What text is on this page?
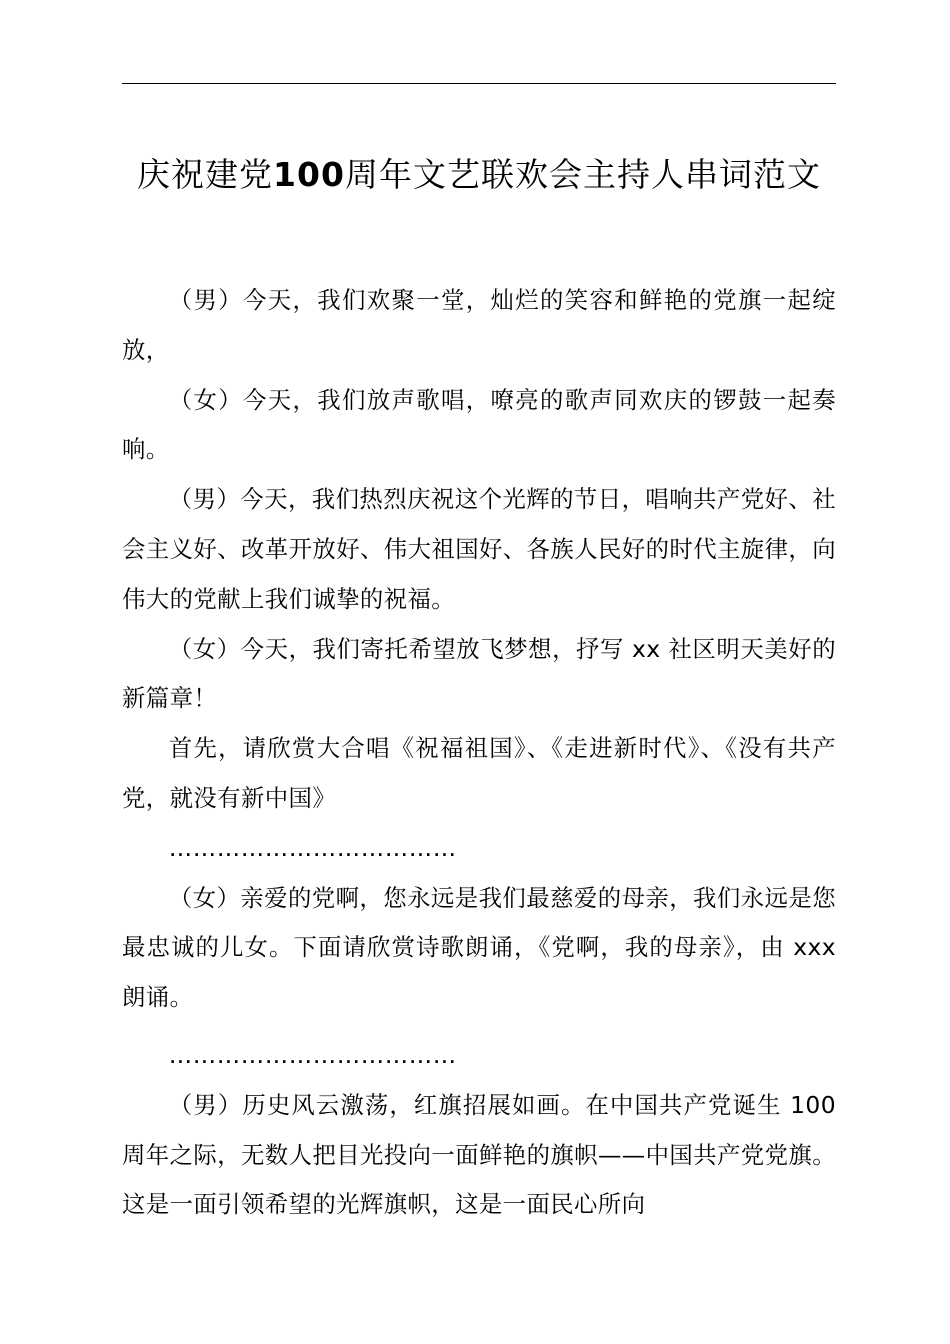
庆祝建党100周年文艺联欢会主持人串词范文

（男）今天，我们欢聚一堂，灿烂的笑容和鲜艳的党旗一起绽放，

（女）今天，我们放声歌唱，嘹亮的歌声同欢庆的锣鼓一起奏响。

（男）今天，我们热烈庆祝这个光辉的节日，唱响共产党好、社会主义好、改革开放好、伟大祖国好、各族人民好的时代主旋律，向伟大的党献上我们诚挚的祝福。

（女）今天，我们寄托希望放飞梦想，抒写 xx 社区明天美好的新篇章！

首先，请欣赏大合唱《祝福祖国》、《走进新时代》、《没有共产党，就没有新中国》

………………………………

（女）亲爱的党啊，您永远是我们最慈爱的母亲，我们永远是您最忠诚的儿女。下面请欣赏诗歌朗诵，《党啊，我的母亲》，由 xxx 朗诵。

………………………………

（男）历史风云激荡，红旗招展如画。在中国共产党诞生 100 周年之际，无数人把目光投向一面鲜艳的旗帜——中国共产党党旗。这是一面引领希望的光辉旗帜，这是一面民心所向
